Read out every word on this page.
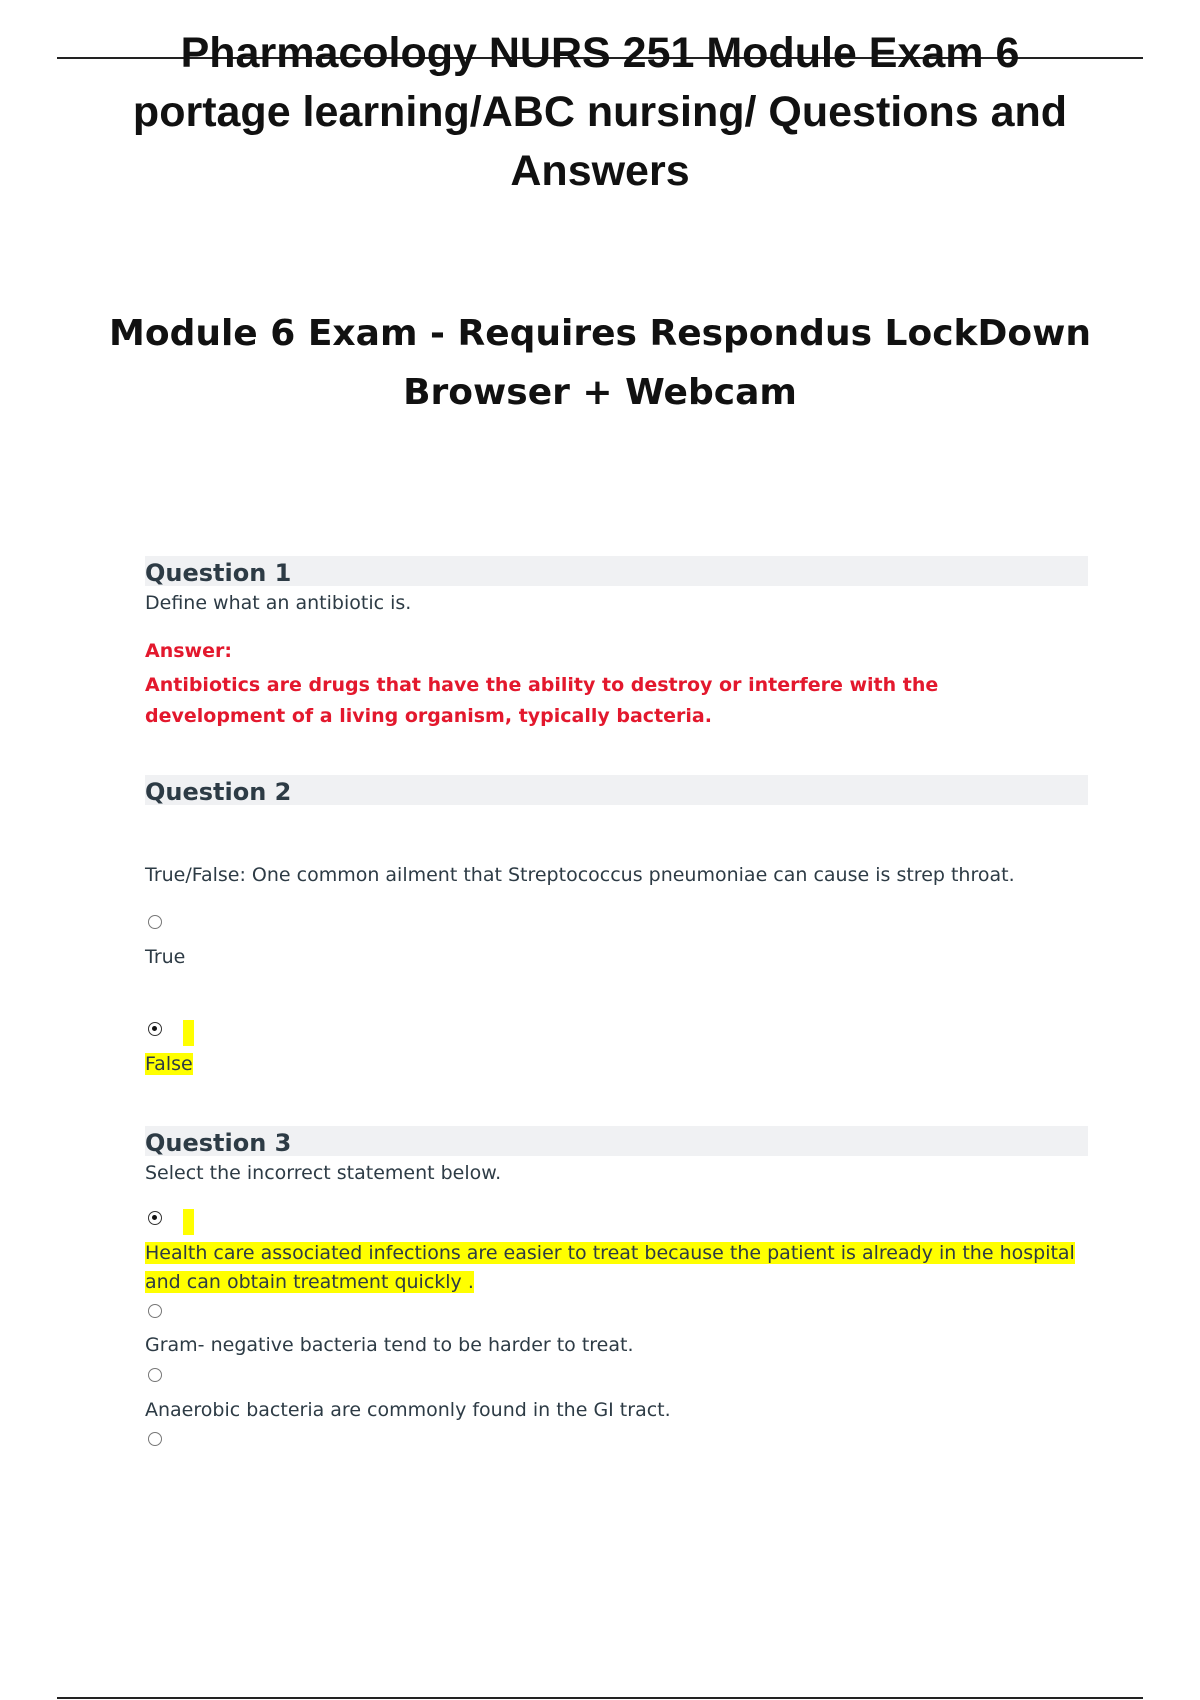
Pharmacology NURS 251 Module Exam 6 portage learning/ABC nursing/ Questions and Answers
Module 6 Exam - Requires Respondus LockDown Browser + Webcam

Question 1

Define what an antibiotic is.

Answer:

Antibiotics are drugs that have the ability to destroy or interfere with the development of a living organism, typically bacteria.

Question 2

True/False: One common ailment that Streptococcus pneumoniae can cause is strep throat.

True

False

Question 3

Select the incorrect statement below.

Health care associated infections are easier to treat because the patient is already in the hospital and can obtain treatment quickly .

Gram- negative bacteria tend to be harder to treat.

Anaerobic bacteria are commonly found in the GI tract.
